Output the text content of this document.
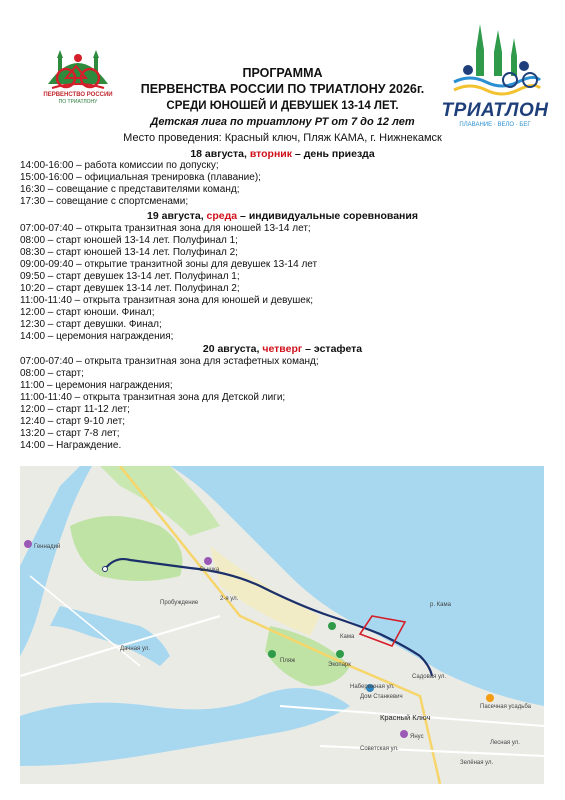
ПЕРВЕНСТВО РОССИИ
ПО ТРИАТЛОНУ	ТРИАТЛОН
ПЛАВАНИЕ · ВЕЛО · БЕГ
ПРОГРАММА
ПЕРВЕНСТВА РОССИИ ПО ТРИАТЛОНУ 2026г.
СРЕДИ ЮНОШЕЙ И ДЕВУШЕК 13-14 ЛЕТ.
Детская лига по триатлону РТ от 7 до 12 лет
Место проведения: Красный ключ, Пляж КАМА, г. Нижнекамск
18 августа, вторник – день приезда
14:00-16:00 – работа комиссии по допуску;
15:00-16:00 – официальная тренировка (плавание);
16:30 – совещание с представителями команд;
17:30 – совещание с спортсменами;
19 августа, среда – индивидуальные соревнования
07:00-07:40 – открыта транзитная зона для юношей 13-14 лет;
08:00 – старт юношей 13-14 лет. Полуфинал 1;
08:30 – старт юношей 13-14 лет. Полуфинал 2;
09:00-09:40 – открытие транзитной зоны для девушек 13-14 лет
09:50 – старт девушек 13-14 лет. Полуфинал 1;
10:20 – старт девушек 13-14 лет. Полуфинал 2;
11:00-11:40 – открыта транзитная зона для юношей и девушек;
12:00 – старт юноши. Финал;
12:30 – старт девушки. Финал;
14:00 – церемония награждения;
20 августа, четверг – эстафета
07:00-07:40 – открыта транзитная зона для эстафетных команд;
08:00 – старт;
11:00 – церемония награждения;
11:00-11:40 – открыта транзитная зона для Детской лиги;
12:00 – старт 11-12 лет;
12:40 – старт 9-10 лет;
13:20 – старт 7-8 лет;
14:00 – Награждение.
Пробуждение
Кама
Пляж
Экопарк
Красный Ключ
Дом Станкевич
Пасечная усадьба
Янус
Садовая ул.
Набережная ул.
Советская ул.
Лесная ул.
Зелёная ул.
Дачная ул.
2-я ул.
Вышка
Геннадий
р. Кама
